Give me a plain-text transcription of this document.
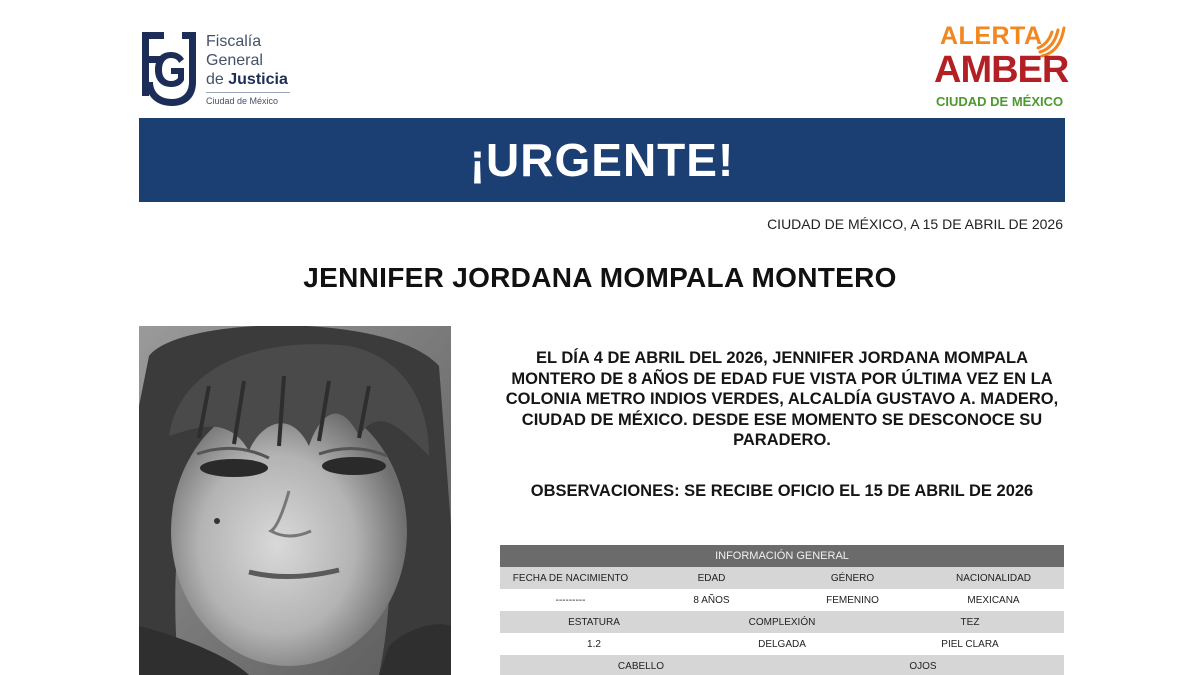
Fiscalía
General
de Justicia
Ciudad de México
ALERTA
AMBER
CIUDAD DE MÉXICO
¡URGENTE!
CIUDAD DE MÉXICO, A 15 DE ABRIL DE 2026
JENNIFER JORDANA MOMPALA MONTERO
EL DÍA 4 DE ABRIL DEL 2026, JENNIFER JORDANA MOMPALA MONTERO DE 8 AÑOS DE EDAD FUE VISTA POR ÚLTIMA VEZ EN LA COLONIA METRO INDIOS VERDES, ALCALDÍA GUSTAVO A. MADERO, CIUDAD DE MÉXICO. DESDE ESE MOMENTO SE DESCONOCE SU PARADERO.
OBSERVACIONES: SE RECIBE OFICIO EL 15 DE ABRIL DE 2026
INFORMACIÓN GENERAL
FECHA DE NACIMIENTO	EDAD	GÉNERO	NACIONALIDAD
---------	8 AÑOS	FEMENINO	MEXICANA
ESTATURA	COMPLEXIÓN	TEZ
1.2	DELGADA	PIEL CLARA
CABELLO	OJOS
